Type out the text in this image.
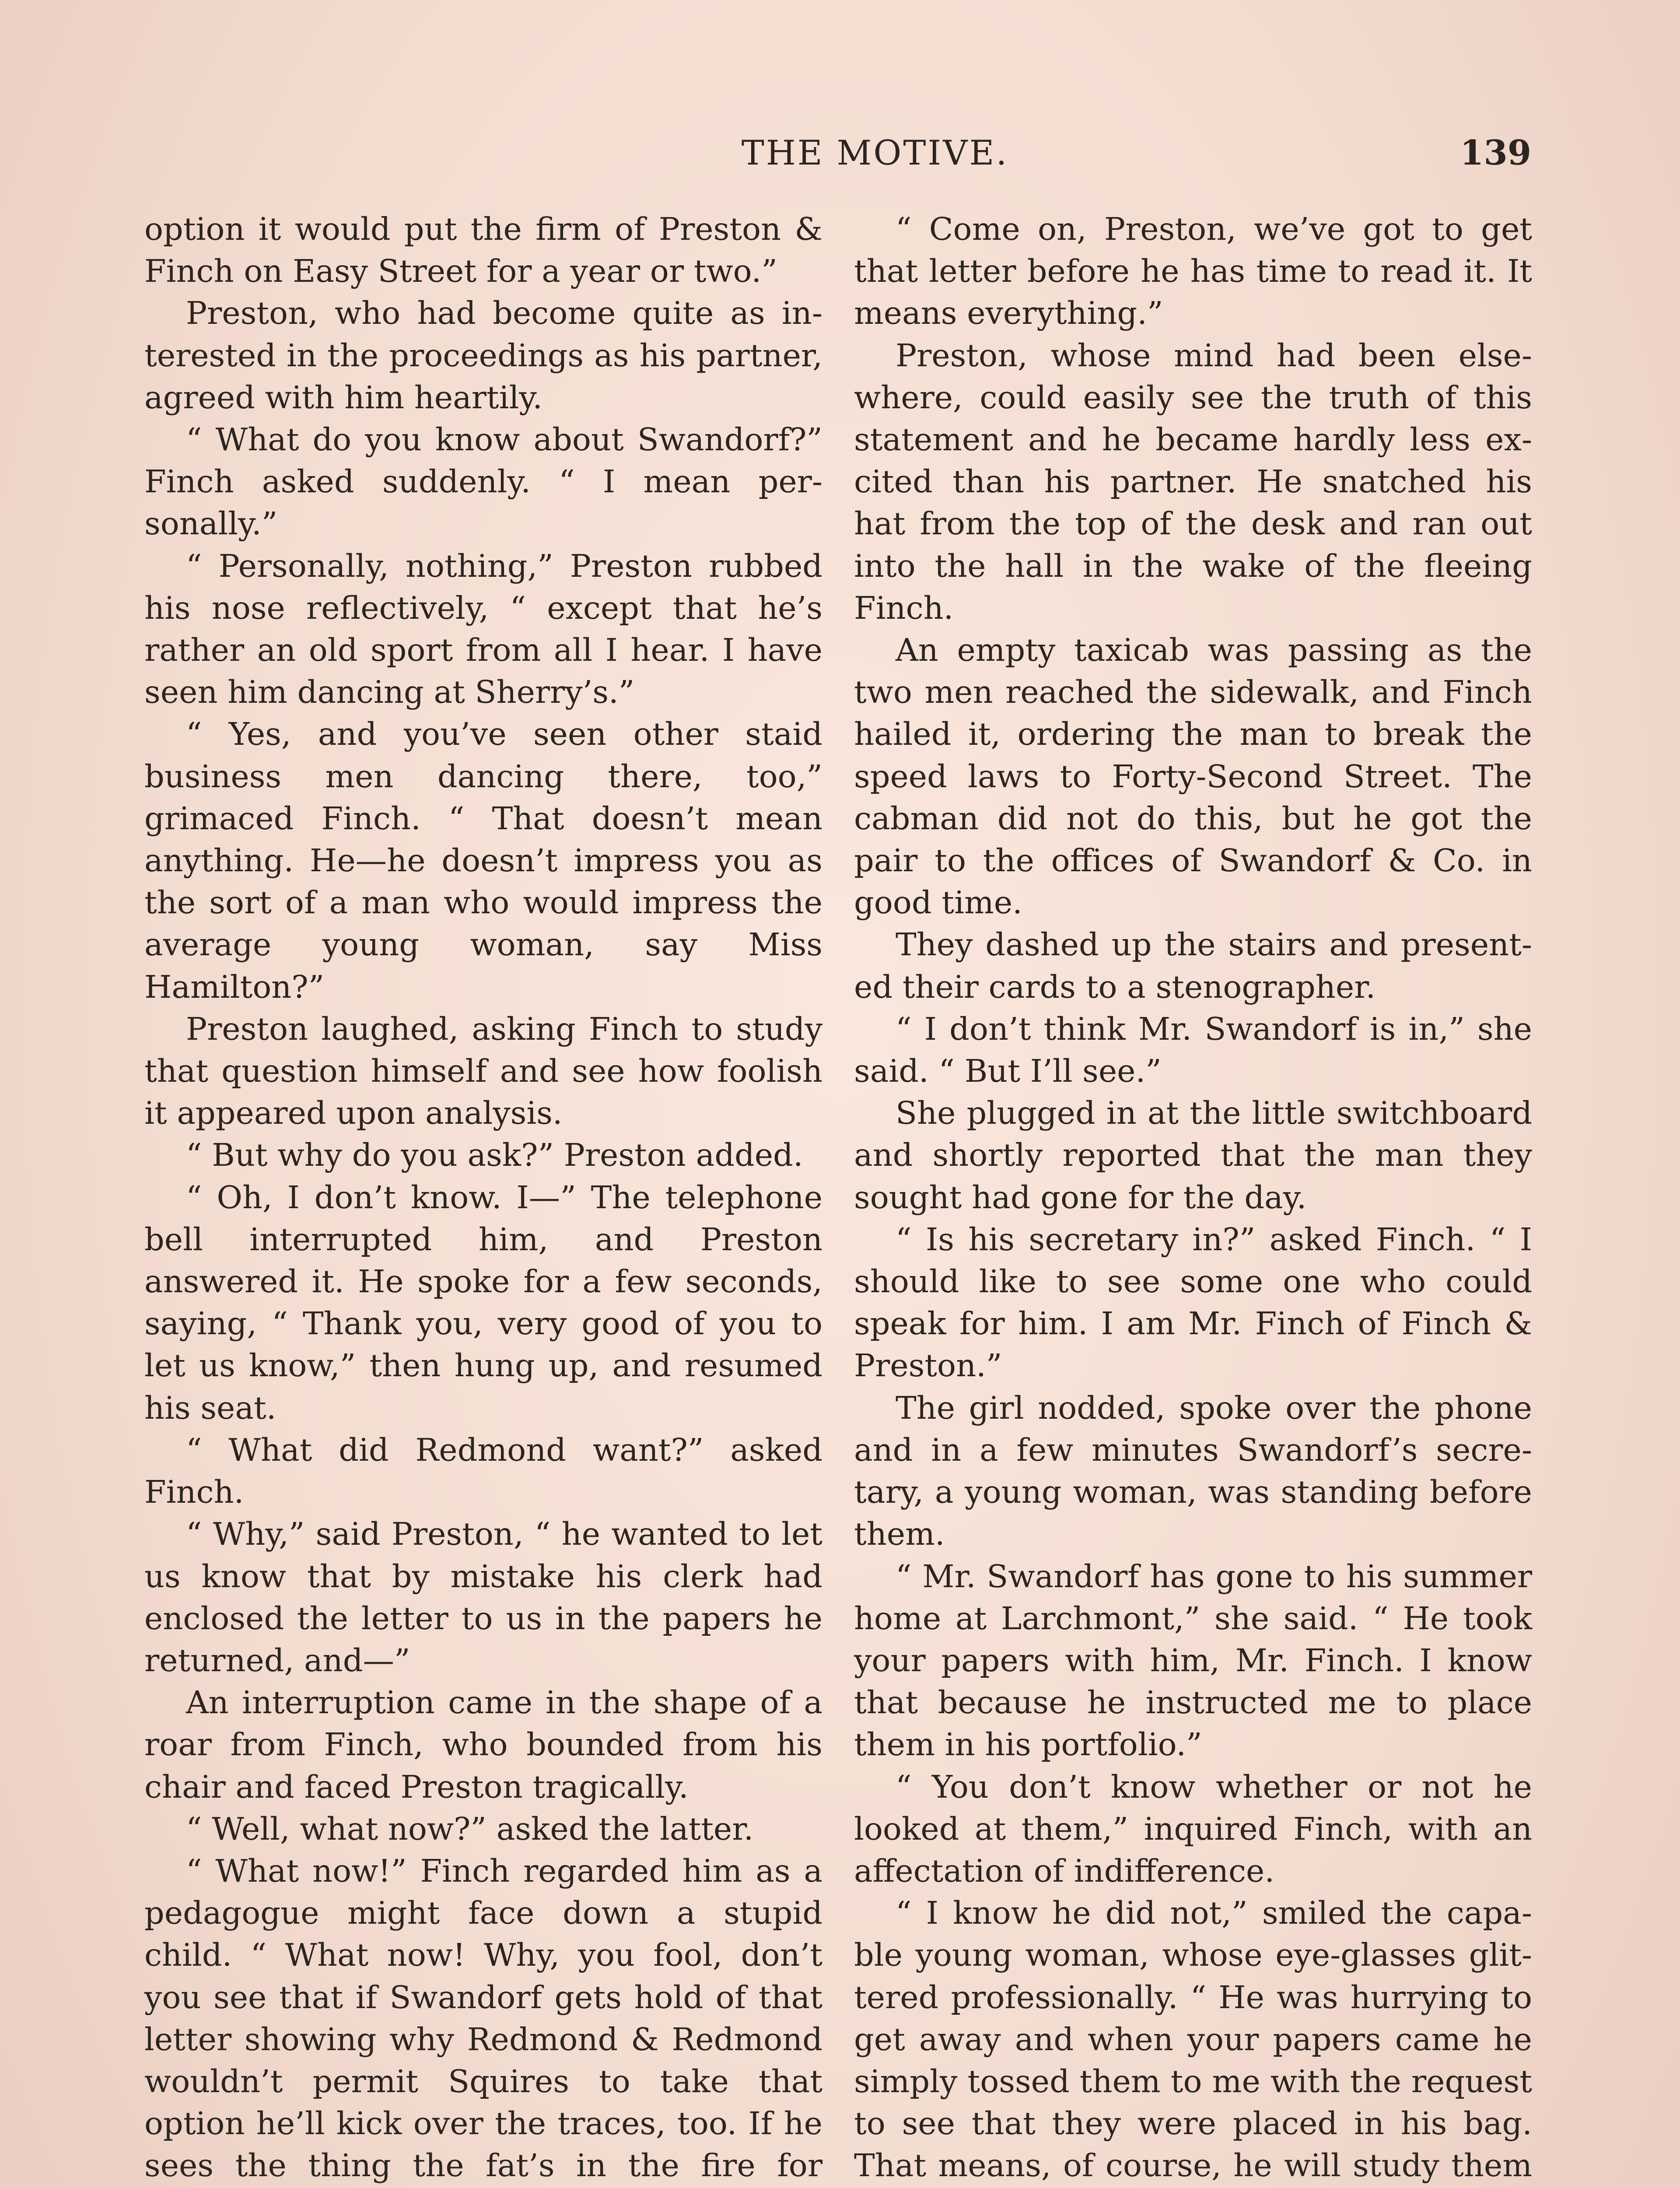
THE MOTIVE.	139

option it would put the firm of Preston & Finch on Easy Street for a year or two.”

Preston, who had become quite as interested in the proceedings as his partner, agreed with him heartily.

“ What do you know about Swandorf?” Finch asked suddenly. “ I mean personally.”

“ Personally, nothing,” Preston rubbed his nose reflectively, “ except that he’s rather an old sport from all I hear. I have seen him dancing at Sherry’s.”

“ Yes, and you’ve seen other staid business men dancing there, too,” grimaced Finch. “ That doesn’t mean anything. He—he doesn’t impress you as the sort of a man who would impress the average young woman, say Miss Hamilton?”

Preston laughed, asking Finch to study that question himself and see how foolish it appeared upon analysis.

“ But why do you ask?” Preston added.

“ Oh, I don’t know. I—” The telephone bell interrupted him, and Preston answered it. He spoke for a few seconds, saying, “ Thank you, very good of you to let us know,” then hung up, and resumed his seat.

“ What did Redmond want?” asked Finch.

“ Why,” said Preston, “ he wanted to let us know that by mistake his clerk had enclosed the letter to us in the papers he returned, and—”

An interruption came in the shape of a roar from Finch, who bounded from his chair and faced Preston tragically.

“ Well, what now?” asked the latter.

“ What now!” Finch regarded him as a pedagogue might face down a stupid child. “ What now! Why, you fool, don’t you see that if Swandorf gets hold of that letter showing why Redmond & Redmond wouldn’t permit Squires to take that option he’ll kick over the traces, too. If he sees the thing the fat’s in the fire for

“ Come on, Preston, we’ve got to get that letter before he has time to read it. It means everything.”

Preston, whose mind had been elsewhere, could easily see the truth of this statement and he became hardly less excited than his partner. He snatched his hat from the top of the desk and ran out into the hall in the wake of the fleeing Finch.

An empty taxicab was passing as the two men reached the sidewalk, and Finch hailed it, ordering the man to break the speed laws to Forty-Second Street. The cabman did not do this, but he got the pair to the offices of Swandorf & Co. in good time.

They dashed up the stairs and presented their cards to a stenographer.

“ I don’t think Mr. Swandorf is in,” she said. “ But I’ll see.”

She plugged in at the little switchboard and shortly reported that the man they sought had gone for the day.

“ Is his secretary in?” asked Finch. “ I should like to see some one who could speak for him. I am Mr. Finch of Finch & Preston.”

The girl nodded, spoke over the phone and in a few minutes Swandorf’s secretary, a young woman, was standing before them.

“ Mr. Swandorf has gone to his summer home at Larchmont,” she said. “ He took your papers with him, Mr. Finch. I know that because he instructed me to place them in his portfolio.”

“ You don’t know whether or not he looked at them,” inquired Finch, with an affectation of indifference.

“ I know he did not,” smiled the capable young woman, whose eye-glasses glittered professionally. “ He was hurrying to get away and when your papers came he simply tossed them to me with the request to see that they were placed in his bag. That means, of course, he will study them
